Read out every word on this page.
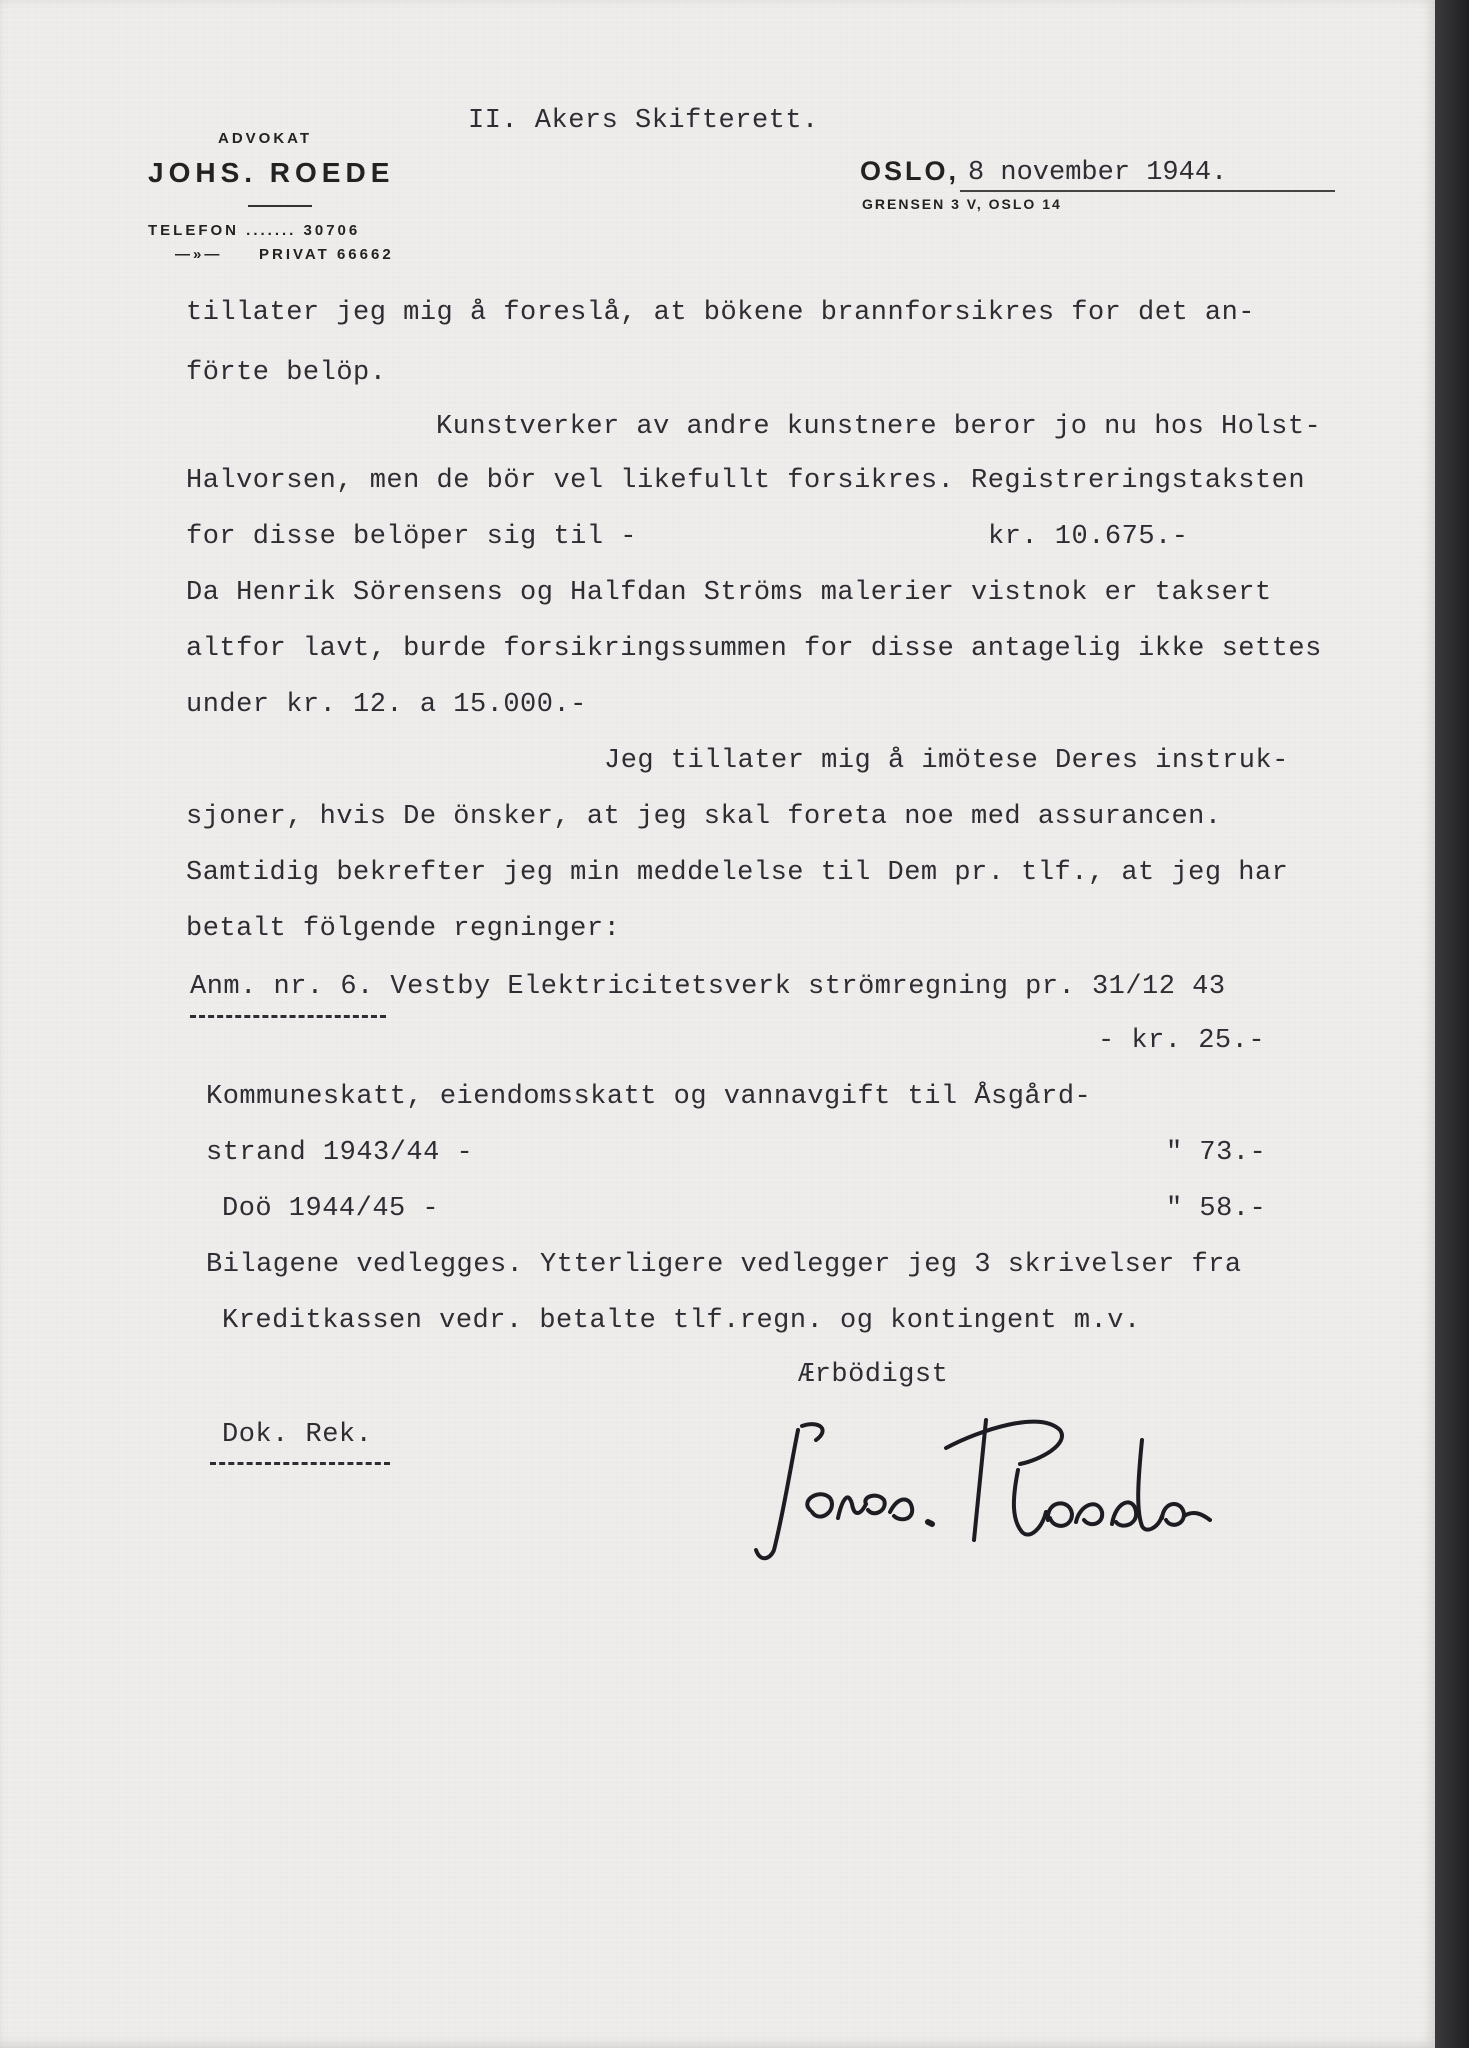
ADVOKAT
JOHS. ROEDE
TELEFON ....... 30706
—»— PRIVAT 66662
II. Akers Skifterett.
OSLO, 8 november 1944.
GRENSEN 3 V, OSLO 14
tillater jeg mig å foreslå, at bökene brannforsikres for det an-
förte belöp.
Kunstverker av andre kunstnere beror jo nu hos Holst-
Halvorsen, men de bör vel likefullt forsikres. Registreringstaksten
for disse belöper sig til -	kr. 10.675.-
Da Henrik Sörensens og Halfdan Ströms malerier vistnok er taksert
altfor lavt, burde forsikringssummen for disse antagelig ikke settes
under kr. 12. a 15.000.-
Jeg tillater mig å imötese Deres instruk-
sjoner, hvis De önsker, at jeg skal foreta noe med assurancen.
Samtidig bekrefter jeg min meddelelse til Dem pr. tlf., at jeg har
betalt fölgende regninger:
Anm. nr. 6. Vestby Elektricitetsverk strömregning pr. 31/12 43
- kr. 25.-
Kommuneskatt, eiendomsskatt og vannavgift til Åsgård-
strand 1943/44 -	" 73.-
Doö 1944/45 -	" 58.-
Bilagene vedlegges. Ytterligere vedlegger jeg 3 skrivelser fra
Kreditkassen vedr. betalte tlf.regn. og kontingent m.v.
Ærbödigst
Dok. Rek.
